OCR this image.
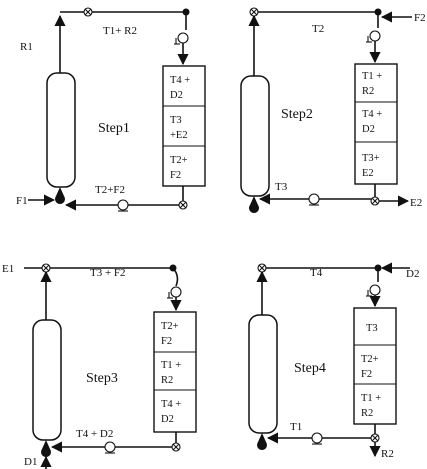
T1+ R2
T2+F2
R1
F1
Step1
T4 +
D2
T3
+E2
T2+
F2
T2
T3
F2
E2
Step2
T1 +
R2
T4 +
D2
T3+
E2
T3 + F2
T4 + D2
E1
D1
Step3
T2+
F2
T1 +
R2
T4 +
D2
T4
T1
D2
R2
Step4
T3
T2+
F2
T1 +
R2
